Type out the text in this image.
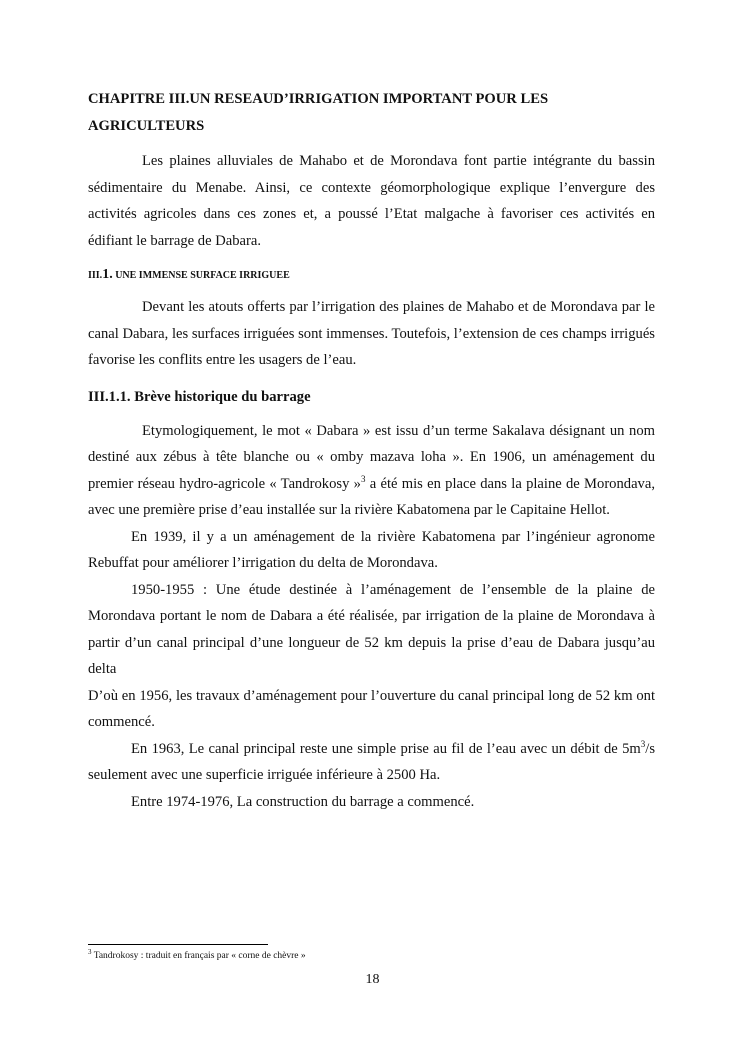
CHAPITRE III.UN RESEAUD’IRRIGATION IMPORTANT POUR LES AGRICULTEURS

Les plaines alluviales de Mahabo et de Morondava font partie intégrante du bassin sédimentaire du Menabe. Ainsi, ce contexte géomorphologique explique l’envergure des activités agricoles dans ces zones et, a poussé l’Etat malgache à favoriser ces activités en édifiant le barrage de Dabara.

III.1. UNE IMMENSE SURFACE IRRIGUEE

Devant les atouts offerts par l’irrigation des plaines de Mahabo et de Morondava par le canal Dabara, les surfaces irriguées sont immenses. Toutefois, l’extension de ces champs irrigués favorise les conflits entre les usagers de l’eau.

III.1.1. Brève historique du barrage

Etymologiquement, le mot « Dabara » est issu d’un terme Sakalava désignant un nom destiné aux zébus à tête blanche ou « omby mazava loha ». En 1906, un aménagement du premier réseau hydro-agricole « Tandrokosy »$^3$ a été mis en place dans la plaine de Morondava, avec une première prise d’eau installée sur la rivière Kabatomena par le Capitaine Hellot.

En 1939, il y a un aménagement de la rivière Kabatomena par l’ingénieur agronome Rebuffat pour améliorer l’irrigation du delta de Morondava.

1950-1955 : Une étude destinée à l’aménagement de l’ensemble de la plaine de Morondava portant le nom de Dabara a été réalisée, par irrigation de la plaine de Morondava à partir d’un canal principal d’une longueur de 52 km depuis la prise d’eau de Dabara jusqu’au delta

D’où en 1956, les travaux d’aménagement pour l’ouverture du canal principal long de 52 km ont commencé.

En 1963, Le canal principal reste une simple prise au fil de l’eau avec un débit de $5m^3/s$ seulement avec une superficie irriguée inférieure à 2500 Ha.

Entre 1974-1976, La construction du barrage a commencé.

$^3$ Tandrokosy : traduit en français par « corne de chèvre »
18
